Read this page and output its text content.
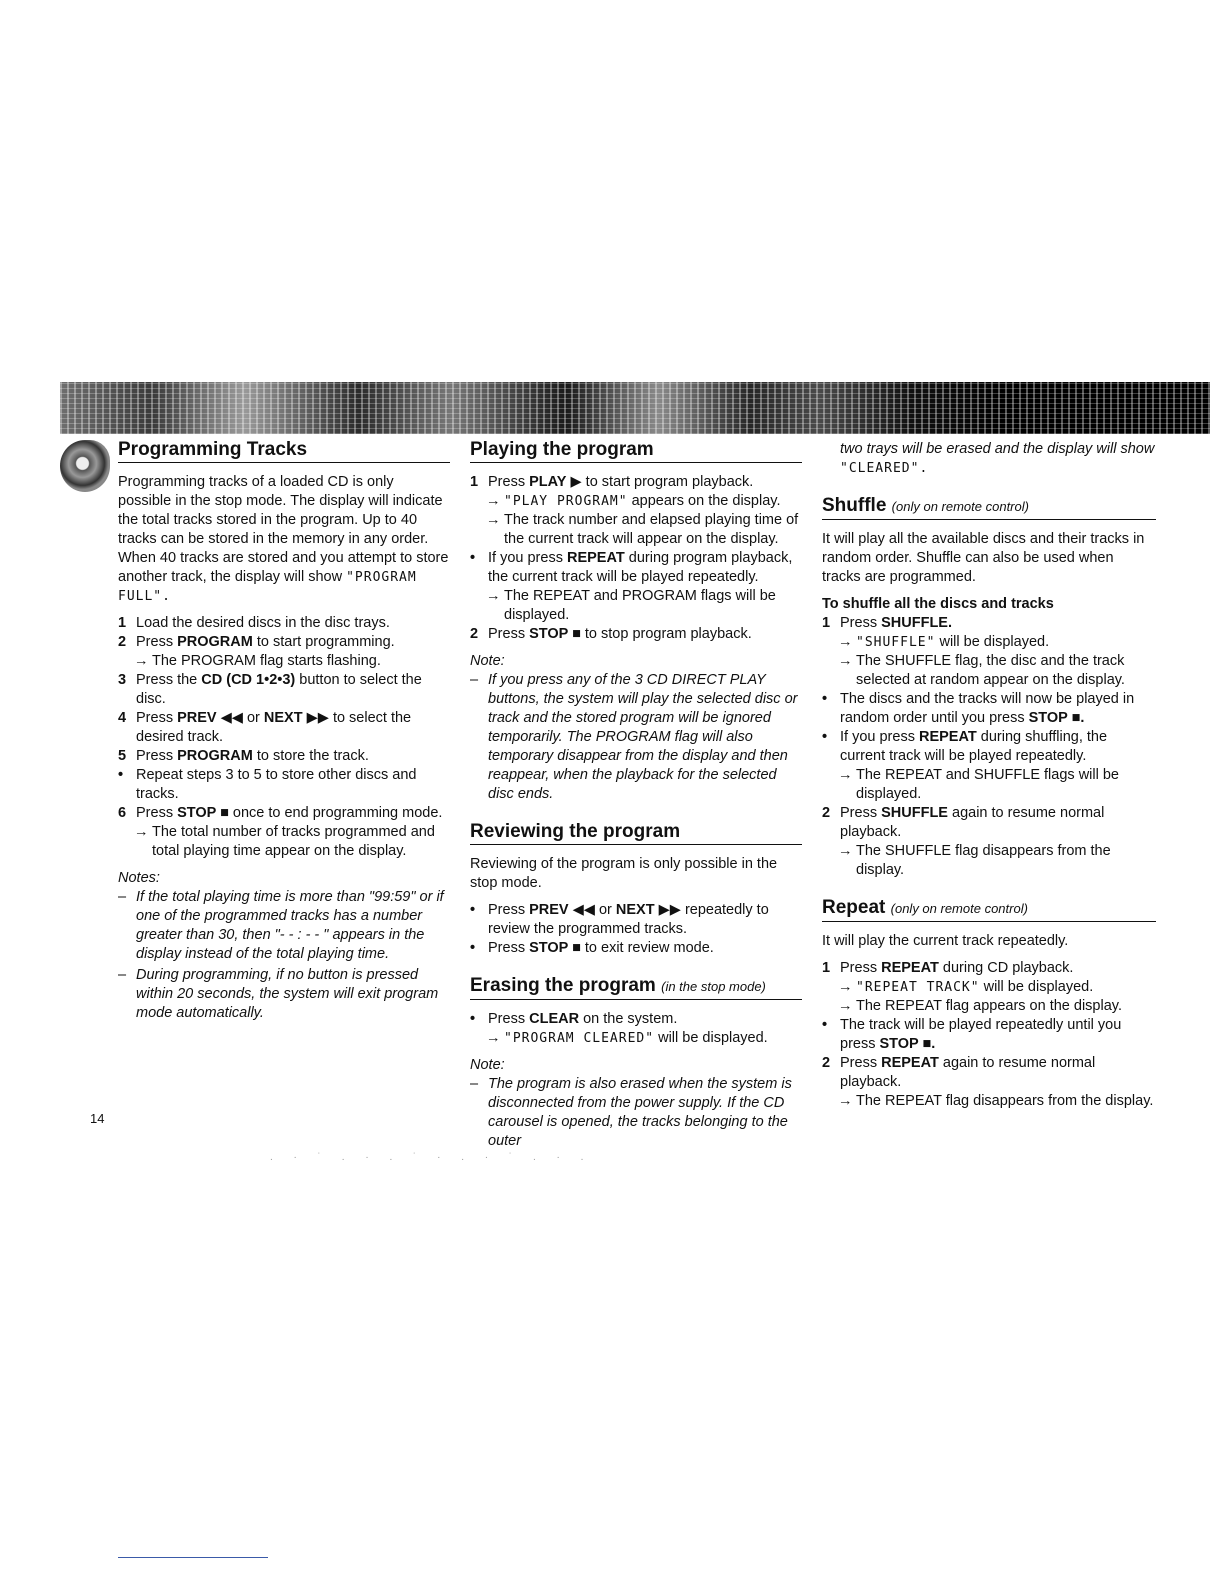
Programming Tracks

Programming tracks of a loaded CD is only possible in the stop mode. The display will indicate the total tracks stored in the program. Up to 40 tracks can be stored in the memory in any order. When 40 tracks are stored and you attempt to store another track, the display will show "PROGRAM FULL".

1 Load the desired discs in the disc trays.
2 Press PROGRAM to start programming.
→ The PROGRAM flag starts flashing.
3 Press the CD (CD 1•2•3) button to select the disc.
4 Press PREV ◀◀ or NEXT ▶▶ to select the desired track.
5 Press PROGRAM to store the track.
• Repeat steps 3 to 5 to store other discs and tracks.
6 Press STOP ■ once to end programming mode.
→ The total number of tracks programmed and total playing time appear on the display.
Notes:
– If the total playing time is more than "99:59" or if one of the programmed tracks has a number greater than 30, then "- - : - - " appears in the display instead of the total playing time.
– During programming, if no button is pressed within 20 seconds, the system will exit program mode automatically.
Playing the program
1 Press PLAY ▶ to start program playback.
→ "PLAY PROGRAM" appears on the display.
→ The track number and elapsed playing time of the current track will appear on the display.
• If you press REPEAT during program playback, the current track will be played repeatedly.
→ The REPEAT and PROGRAM flags will be displayed.
2 Press STOP ■ to stop program playback.
Note:
– If you press any of the 3 CD DIRECT PLAY buttons, the system will play the selected disc or track and the stored program will be ignored temporarily. The PROGRAM flag will also temporary disappear from the display and then reappear, when the playback for the selected disc ends.
Reviewing the program

Reviewing of the program is only possible in the stop mode.

• Press PREV ◀◀ or NEXT ▶▶ repeatedly to review the programmed tracks.
• Press STOP ■ to exit review mode.
Erasing the program (in the stop mode)
• Press CLEAR on the system.
→ "PROGRAM CLEARED" will be displayed.
Note:
– The program is also erased when the system is disconnected from the power supply. If the CD carousel is opened, the tracks belonging to the outer
two trays will be erased and the display will show "CLEARED".
Shuffle (only on remote control)

It will play all the available discs and their tracks in random order. Shuffle can also be used when tracks are programmed.

To shuffle all the discs and tracks
1 Press SHUFFLE.
→ "SHUFFLE" will be displayed.
→ The SHUFFLE flag, the disc and the track selected at random appear on the display.
• The discs and the tracks will now be played in random order until you press STOP ■.
• If you press REPEAT during shuffling, the current track will be played repeatedly.
→ The REPEAT and SHUFFLE flags will be displayed.
2 Press SHUFFLE again to resume normal playback.
→ The SHUFFLE flag disappears from the display.
Repeat (only on remote control)

It will play the current track repeatedly.

1 Press REPEAT during CD playback.
→ "REPEAT TRACK" will be displayed.
→ The REPEAT flag appears on the display.
• The track will be played repeatedly until you press STOP ■.
2 Press REPEAT again to resume normal playback.
→ The REPEAT flag disappears from the display.
14
. · ˙ . · . ˙ · . · ˙ . · .
